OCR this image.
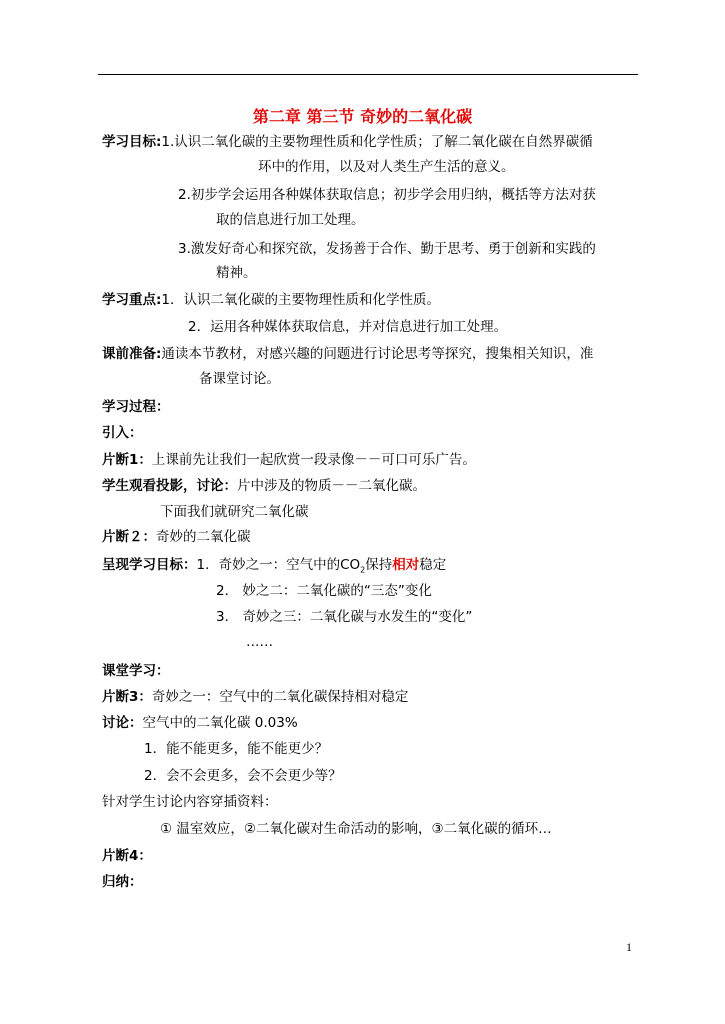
第二章 第三节 奇妙的二氧化碳
学习目标:1.认识二氧化碳的主要物理性质和化学性质；了解二氧化碳在自然界碳循
环中的作用，以及对人类生产生活的意义。
2.初步学会运用各种媒体获取信息；初步学会用归纳，概括等方法对获
取的信息进行加工处理。
3.激发好奇心和探究欲，发扬善于合作、勤于思考、勇于创新和实践的
精神。
学习重点:1．认识二氧化碳的主要物理性质和化学性质。
2．运用各种媒体获取信息，并对信息进行加工处理。
课前准备:通读本节教材，对感兴趣的问题进行讨论思考等探究，搜集相关知识，准
备课堂讨论。
学习过程：
引入：
片断1：上课前先让我们一起欣赏一段录像－－可口可乐广告。
学生观看投影，讨论：片中涉及的物质－－二氧化碳。
下面我们就研究二氧化碳
片断２：奇妙的二氧化碳
呈现学习目标：1．奇妙之一：空气中的$CO_2$保持相对稳定
2． 妙之二：二氧化碳的“三态”变化
3． 奇妙之三：二氧化碳与水发生的“变化”
……
课堂学习：
片断3：奇妙之一：空气中的二氧化碳保持相对稳定
讨论：空气中的二氧化碳 0.03%
1．能不能更多，能不能更少？
2．会不会更多，会不会更少等？
针对学生讨论内容穿插资料：
① 温室效应，②二氧化碳对生命活动的影响，③二氧化碳的循环…
片断4：
归纳：
1
